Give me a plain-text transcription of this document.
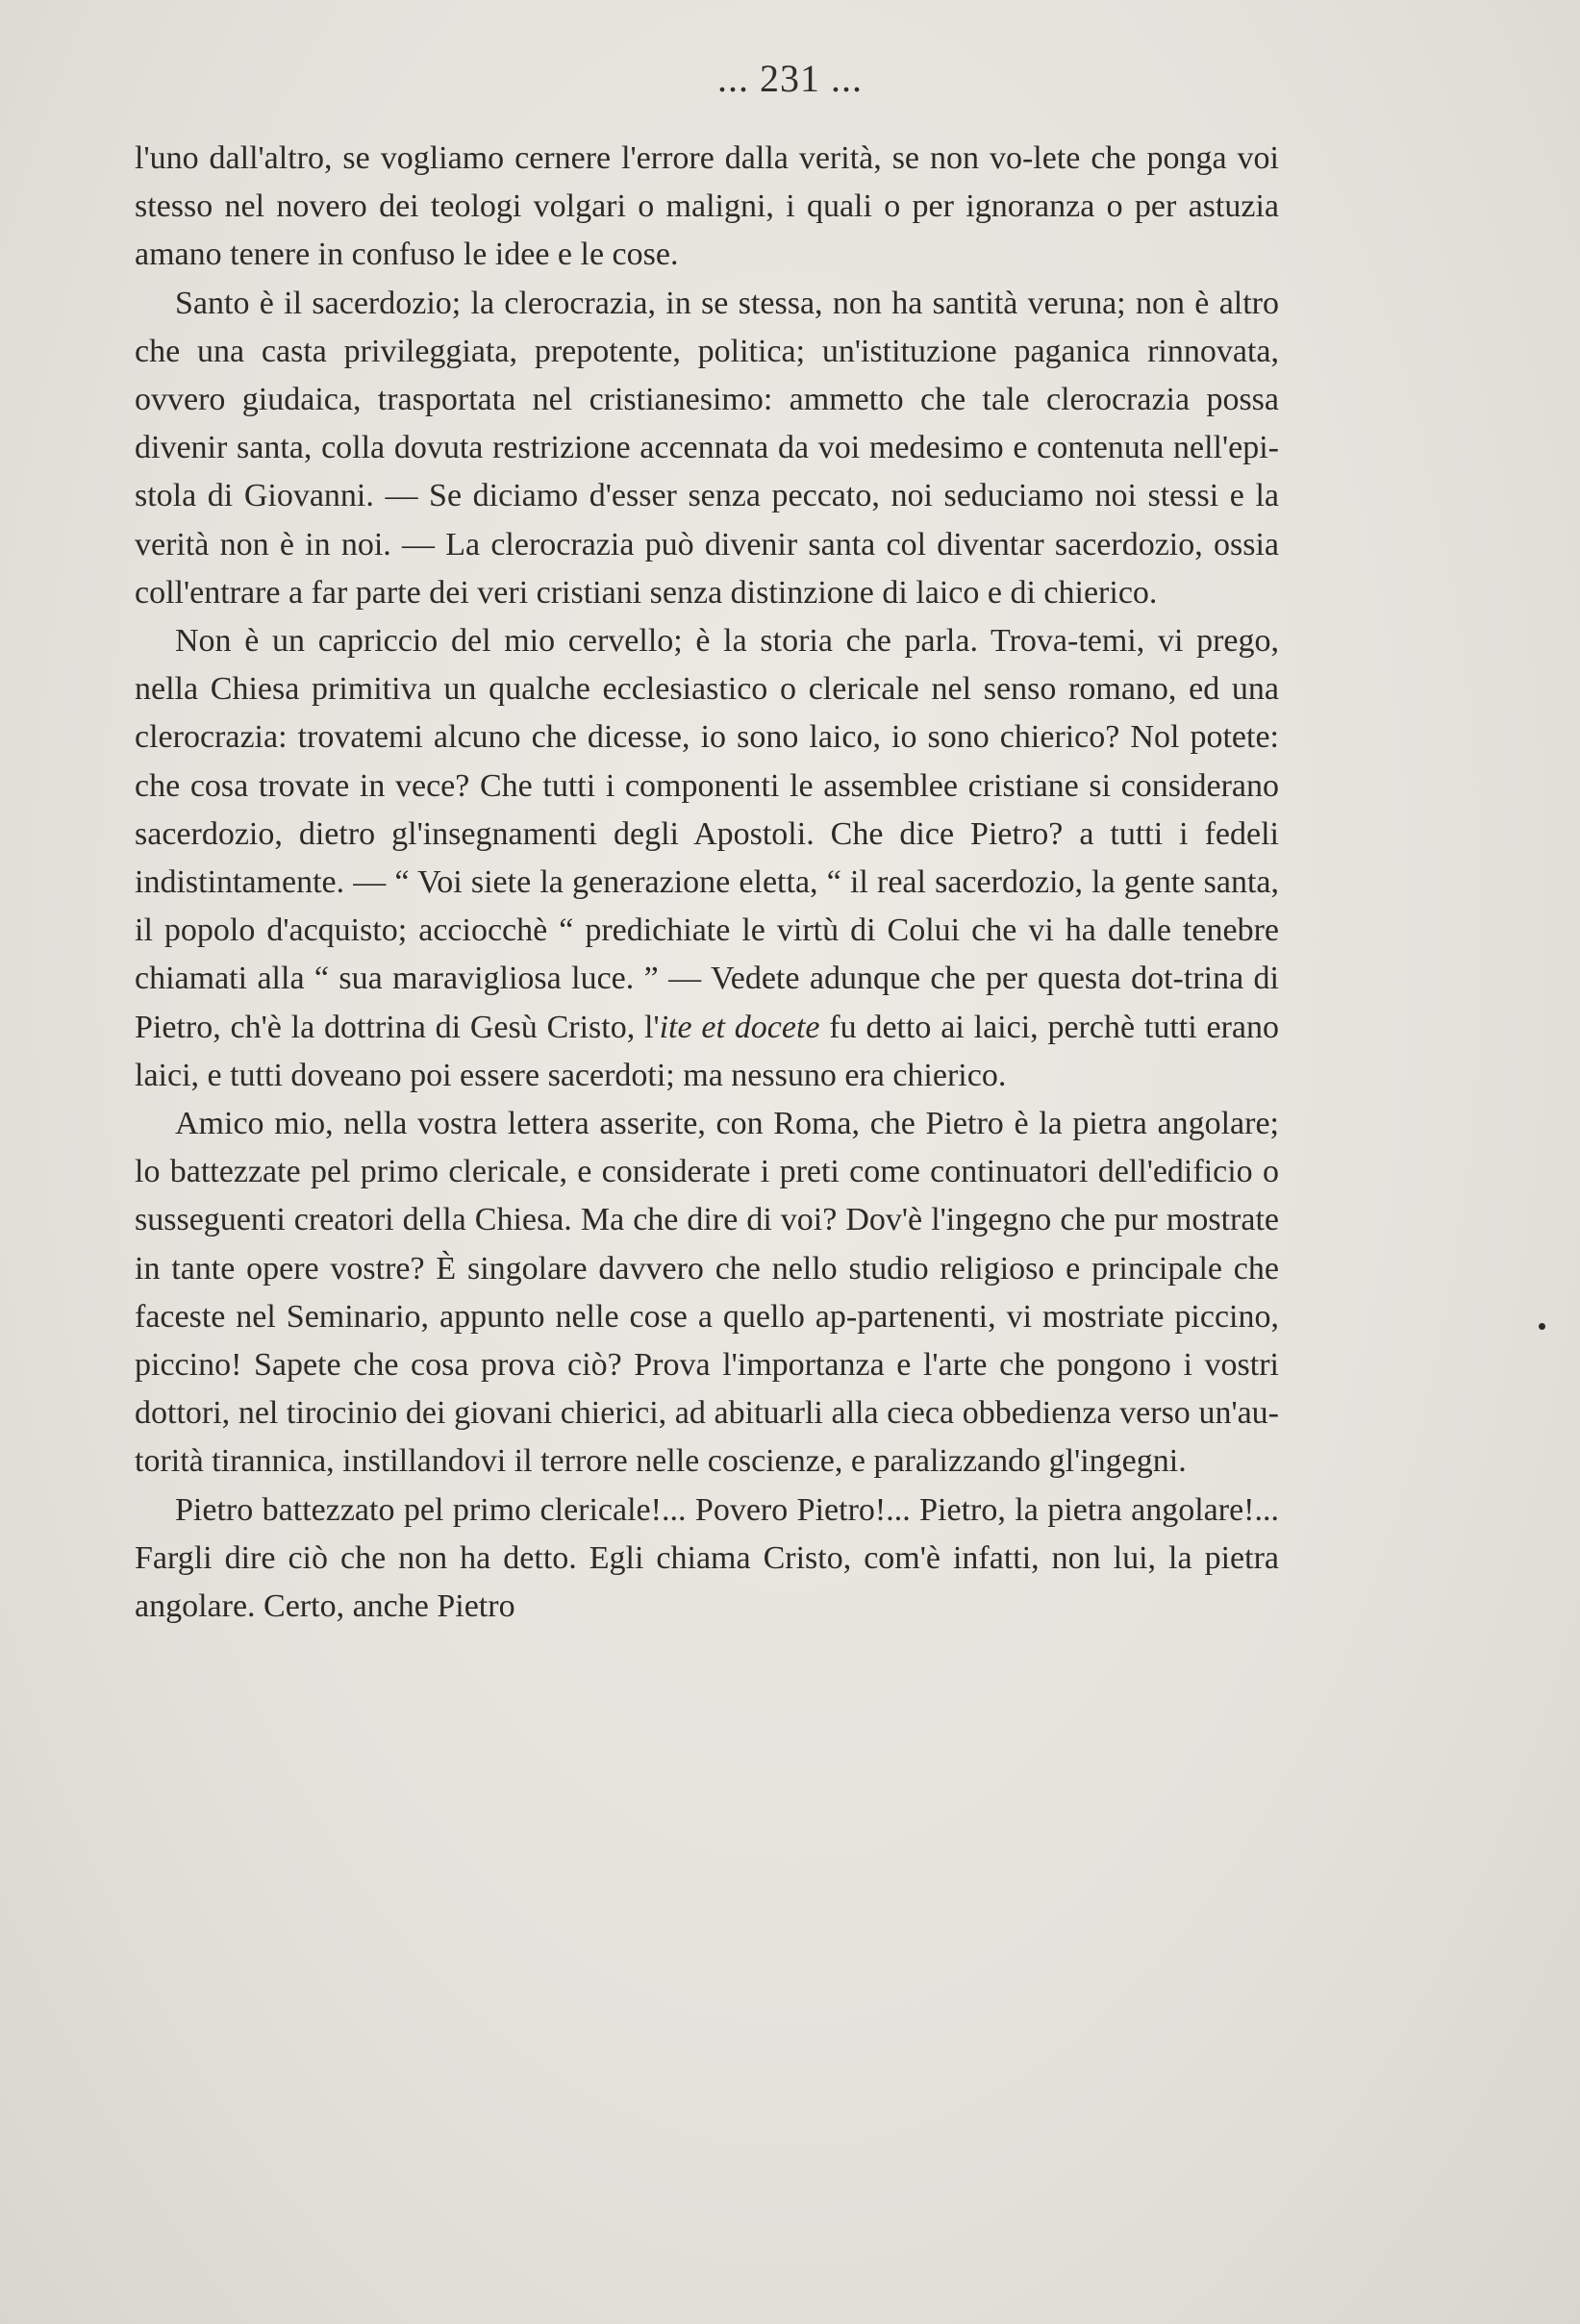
... 231 ...

l'uno dall'altro, se vogliamo cernere l'errore dalla verità, se non vo-lete che ponga voi stesso nel novero dei teologi volgari o maligni, i quali o per ignoranza o per astuzia amano tenere in confuso le idee e le cose.

Santo è il sacerdozio; la clerocrazia, in se stessa, non ha santità veruna; non è altro che una casta privileggiata, prepotente, politica; un'istituzione paganica rinnovata, ovvero giudaica, trasportata nel cristianesimo: ammetto che tale clerocrazia possa divenir santa, colla dovuta restrizione accennata da voi medesimo e contenuta nell'epi-stola di Giovanni. — Se diciamo d'esser senza peccato, noi seduciamo noi stessi e la verità non è in noi. — La clerocrazia può divenir santa col diventar sacerdozio, ossia coll'entrare a far parte dei veri cristiani senza distinzione di laico e di chierico.

Non è un capriccio del mio cervello; è la storia che parla. Trova-temi, vi prego, nella Chiesa primitiva un qualche ecclesiastico o clericale nel senso romano, ed una clerocrazia: trovatemi alcuno che dicesse, io sono laico, io sono chierico? Nol potete: che cosa trovate in vece? Che tutti i componenti le assemblee cristiane si considerano sacerdozio, dietro gl'insegnamenti degli Apostoli. Che dice Pietro? a tutti i fedeli indistintamente. — “ Voi siete la generazione eletta, “ il real sacerdozio, la gente santa, il popolo d'acquisto; acciocchè “ predichiate le virtù di Colui che vi ha dalle tenebre chiamati alla “ sua maravigliosa luce. ” — Vedete adunque che per questa dot-trina di Pietro, ch'è la dottrina di Gesù Cristo, l'ite et docete fu detto ai laici, perchè tutti erano laici, e tutti doveano poi essere sacerdoti; ma nessuno era chierico.

Amico mio, nella vostra lettera asserite, con Roma, che Pietro è la pietra angolare; lo battezzate pel primo clericale, e considerate i preti come continuatori dell'edificio o susseguenti creatori della Chiesa. Ma che dire di voi? Dov'è l'ingegno che pur mostrate in tante opere vostre? È singolare davvero che nello studio religioso e principale che faceste nel Seminario, appunto nelle cose a quello ap-partenenti, vi mostriate piccino, piccino! Sapete che cosa prova ciò? Prova l'importanza e l'arte che pongono i vostri dottori, nel tirocinio dei giovani chierici, ad abituarli alla cieca obbedienza verso un'au-torità tirannica, instillandovi il terrore nelle coscienze, e paralizzando gl'ingegni.

Pietro battezzato pel primo clericale!... Povero Pietro!... Pietro, la pietra angolare!... Fargli dire ciò che non ha detto. Egli chiama Cristo, com'è infatti, non lui, la pietra angolare. Certo, anche Pietro
